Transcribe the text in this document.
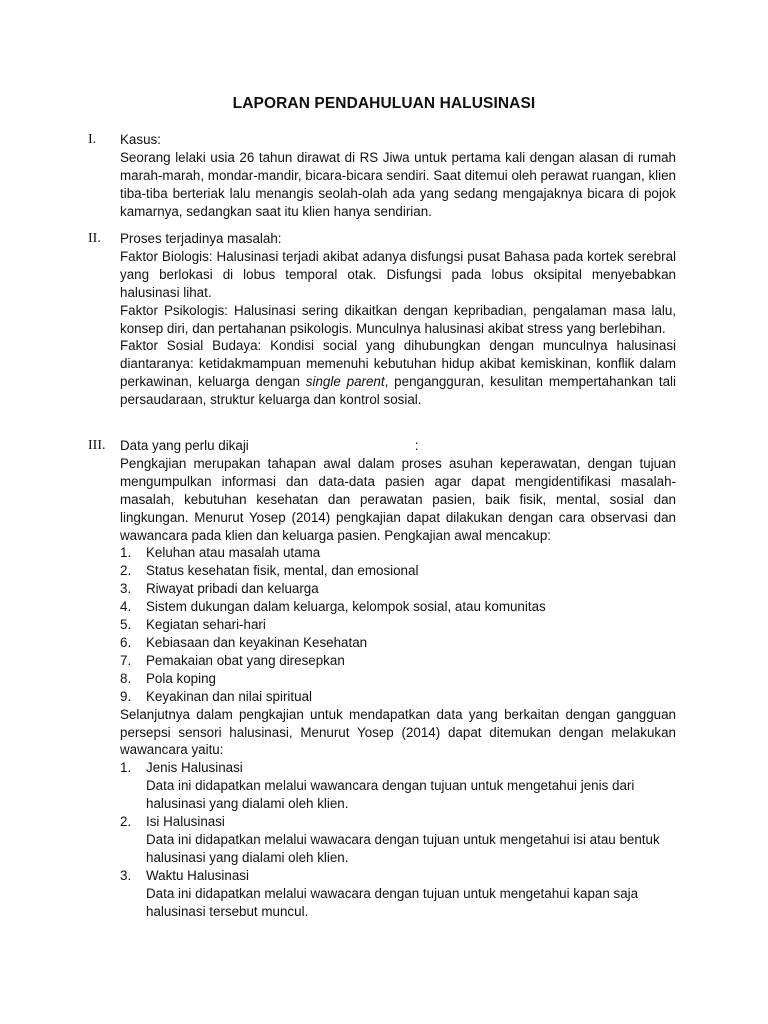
LAPORAN PENDAHULUAN HALUSINASI
I.	Kasus:

Seorang lelaki usia 26 tahun dirawat di RS Jiwa untuk pertama kali dengan alasan di rumah marah-marah, mondar-mandir, bicara-bicara sendiri. Saat ditemui oleh perawat ruangan, klien tiba-tiba berteriak lalu menangis seolah-olah ada yang sedang mengajaknya bicara di pojok kamarnya, sedangkan saat itu klien hanya sendirian.

II.	Proses terjadinya masalah:

Faktor Biologis: Halusinasi terjadi akibat adanya disfungsi pusat Bahasa pada kortek serebral yang berlokasi di lobus temporal otak. Disfungsi pada lobus oksipital menyebabkan halusinasi lihat.

Faktor Psikologis: Halusinasi sering dikaitkan dengan kepribadian, pengalaman masa lalu, konsep diri, dan pertahanan psikologis. Munculnya halusinasi akibat stress yang berlebihan.

Faktor Sosial Budaya: Kondisi social yang dihubungkan dengan munculnya halusinasi diantaranya: ketidakmampuan memenuhi kebutuhan hidup akibat kemiskinan, konflik dalam perkawinan, keluarga dengan single parent, pengangguran, kesulitan mempertahankan tali persaudaraan, struktur keluarga dan kontrol sosial.

III.	Data yang perlu dikaji	:

Pengkajian merupakan tahapan awal dalam proses asuhan keperawatan, dengan tujuan mengumpulkan informasi dan data-data pasien agar dapat mengidentifikasi masalah-masalah, kebutuhan kesehatan dan perawatan pasien, baik fisik, mental, sosial dan lingkungan. Menurut Yosep (2014) pengkajian dapat dilakukan dengan cara observasi dan wawancara pada klien dan keluarga pasien. Pengkajian awal mencakup:

1. Keluhan atau masalah utama
2. Status kesehatan fisik, mental, dan emosional
3. Riwayat pribadi dan keluarga
4. Sistem dukungan dalam keluarga, kelompok sosial, atau komunitas
5. Kegiatan sehari-hari
6. Kebiasaan dan keyakinan Kesehatan
7. Pemakaian obat yang diresepkan
8. Pola koping
9. Keyakinan dan nilai spiritual

Selanjutnya dalam pengkajian untuk mendapatkan data yang berkaitan dengan gangguan persepsi sensori halusinasi, Menurut Yosep (2014) dapat ditemukan dengan melakukan wawancara yaitu:

1. Jenis Halusinasi
Data ini didapatkan melalui wawancara dengan tujuan untuk mengetahui jenis dari halusinasi yang dialami oleh klien.
2. Isi Halusinasi
Data ini didapatkan melalui wawacara dengan tujuan untuk mengetahui isi atau bentuk halusinasi yang dialami oleh klien.
3. Waktu Halusinasi
Data ini didapatkan melalui wawacara dengan tujuan untuk mengetahui kapan saja halusinasi tersebut muncul.
